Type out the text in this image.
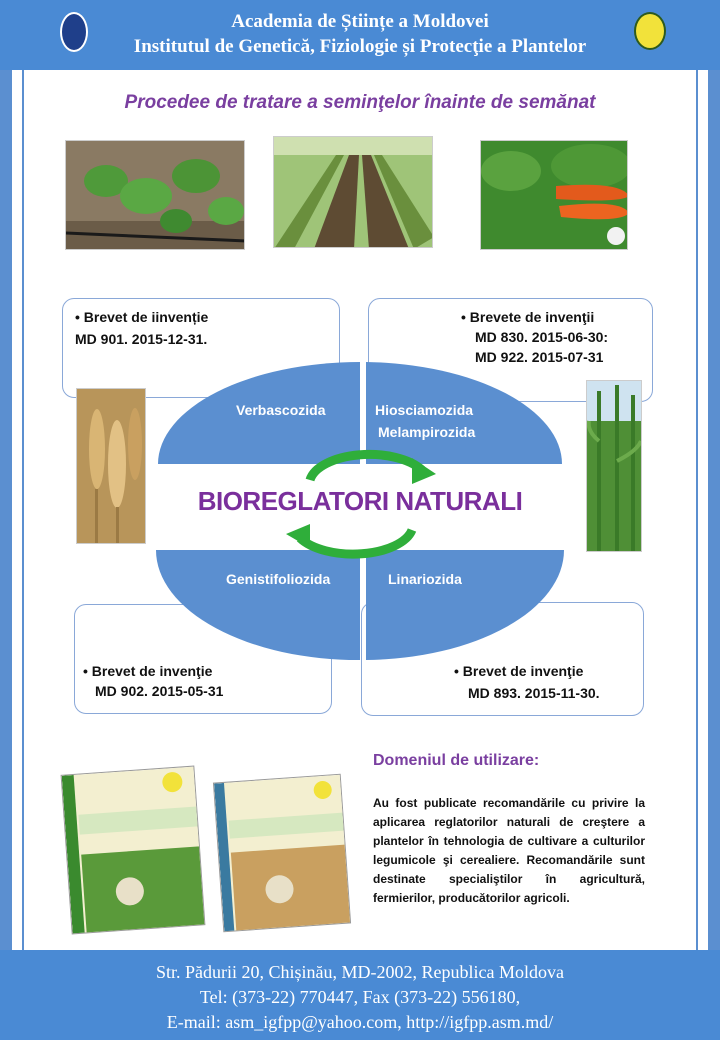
Academia de Științe a Moldovei
Institutul de Genetică, Fiziologie și Protecţie a Plantelor
Procedee de tratare a seminţelor înainte de semănat
• Brevet de iinvenție
MD 901. 2015-12-31.
• Brevete de invenţii
MD 830. 2015-06-30:
MD 922. 2015-07-31
• Brevet de invenţie
MD 902. 2015-05-31
• Brevet de invenţie
MD 893. 2015-11-30.
Verbascozida	Hiosciamozida
Melampirozida
Genistifoliozida	Linariozida
BIOREGLATORI NATURALI
Domeniul de utilizare:
Au fost publicate recomandările cu privire la aplicarea reglatorilor naturali de creştere a plantelor în tehnologia de cultivare a culturilor legumicole şi cerealiere. Recomandările sunt destinate specialiştilor în agricultură, fermierilor, producătorilor agricoli.
Str. Pădurii 20, Chișinău, MD-2002, Republica Moldova
Tel: (373-22) 770447, Fax (373-22) 556180,
E-mail: asm_igfpp@yahoo.com, http://igfpp.asm.md/
